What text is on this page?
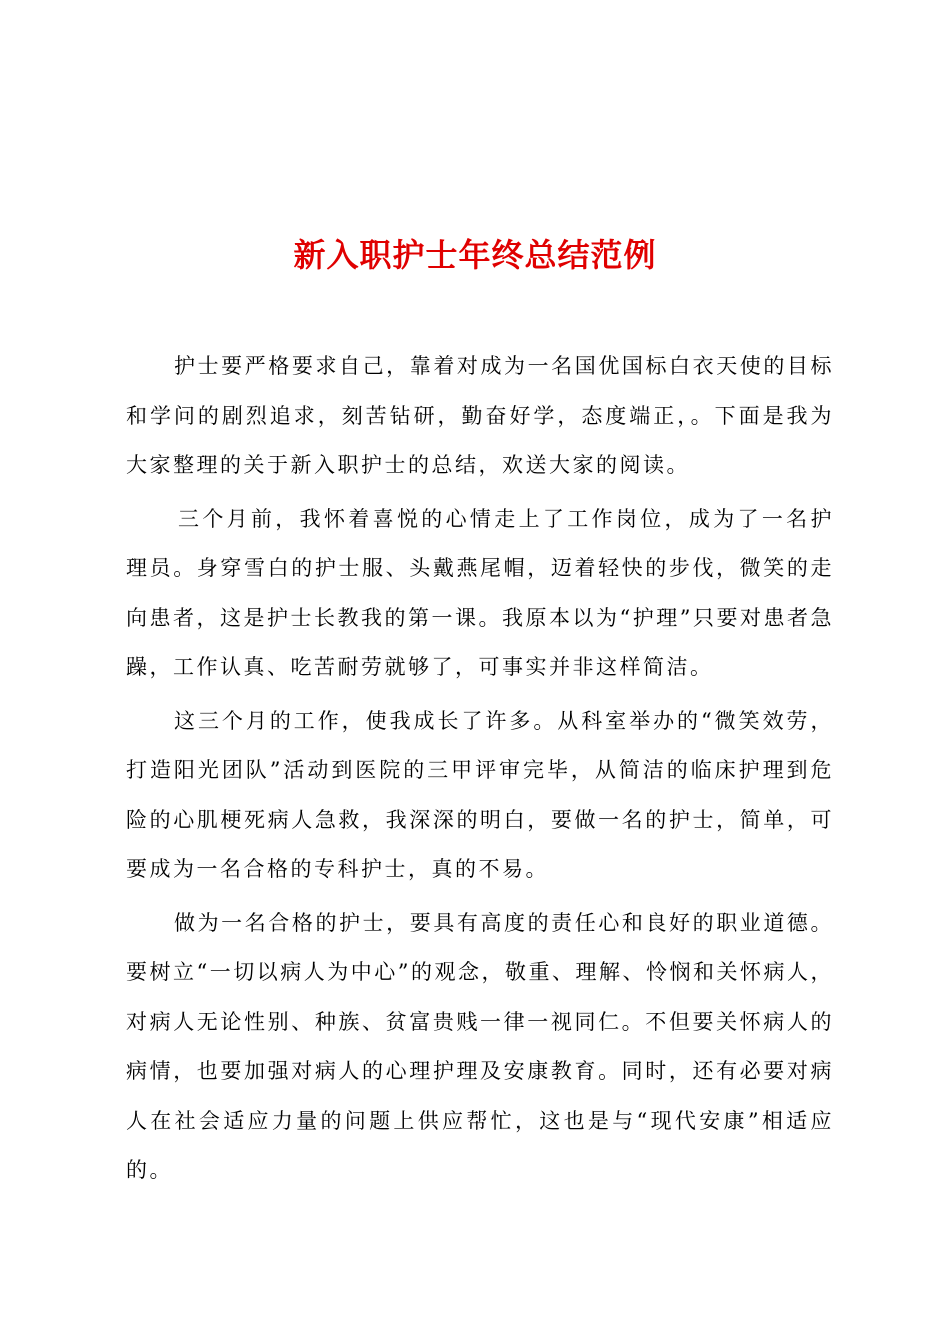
新入职护士年终总结范例

护士要严格要求自己，靠着对成为一名国优国标白衣天使的目标和学问的剧烈追求，刻苦钻研，勤奋好学，态度端正，。下面是我为大家整理的关于新入职护士的总结，欢送大家的阅读。

三个月前，我怀着喜悦的心情走上了工作岗位，成为了一名护理员。身穿雪白的护士服、头戴燕尾帽，迈着轻快的步伐，微笑的走向患者，这是护士长教我的第一课。我原本以为“护理”只要对患者急躁，工作认真、吃苦耐劳就够了，可事实并非这样简洁。

这三个月的工作，使我成长了许多。从科室举办的“微笑效劳，打造阳光团队”活动到医院的三甲评审完毕，从简洁的临床护理到危险的心肌梗死病人急救，我深深的明白，要做一名的护士，简单，可要成为一名合格的专科护士，真的不易。

做为一名合格的护士，要具有高度的责任心和良好的职业道德。要树立“一切以病人为中心”的观念，敬重、理解、怜悯和关怀病人，对病人无论性别、种族、贫富贵贱一律一视同仁。不但要关怀病人的病情，也要加强对病人的心理护理及安康教育。同时，还有必要对病人在社会适应力量的问题上供应帮忙，这也是与“现代安康”相适应的。
